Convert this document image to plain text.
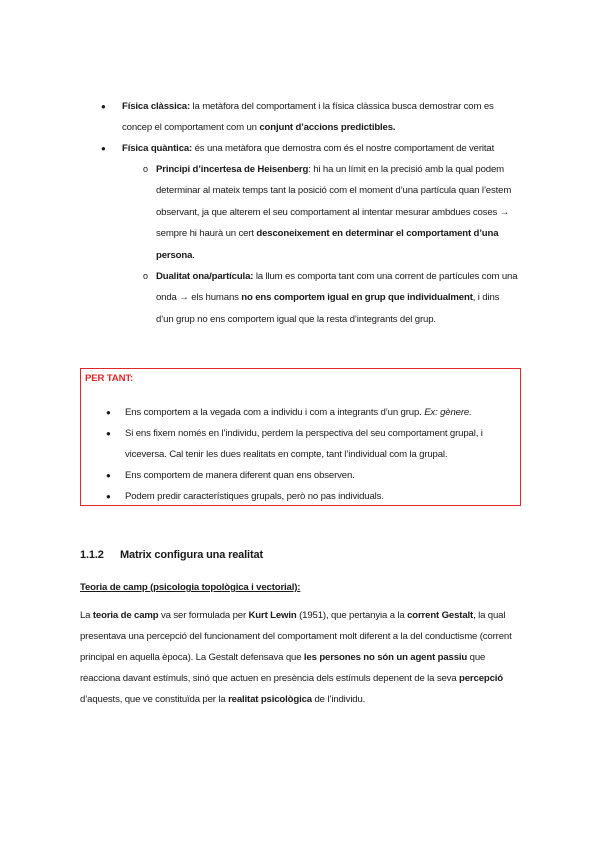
● Física clàssica: la metàfora del comportament i la física clàssica busca demostrar com es concep el comportament com un conjunt d’accions predictibles.
● Física quàntica: és una metàfora que demostra com és el nostre comportament de veritat
o Principi d’incertesa de Heisenberg: hi ha un límit en la precisió amb la qual podem determinar al mateix temps tant la posició com el moment d’una partícula quan l’estem observant, ja que alterem el seu comportament al intentar mesurar ambdues coses → sempre hi haurà un cert desconeixement en determinar el comportament d’una persona.
o Dualitat ona/partícula: la llum es comporta tant com una corrent de partícules com una onda → els humans no ens comportem igual en grup que individualment, i dins d’un grup no ens comportem igual que la resta d’integrants del grup.
PER TANT:
● Ens comportem a la vegada com a individu i com a integrants d’un grup. Ex: gènere.
● Si ens fixem només en l’individu, perdem la perspectiva del seu comportament grupal, i viceversa. Cal tenir les dues realitats en compte, tant l’individual com la grupal.
● Ens comportem de manera diferent quan ens observen.
● Podem predir característiques grupals, però no pas individuals.
1.1.2 Matrix configura una realitat
Teoria de camp (psicologia topològica i vectorial):
La teoria de camp va ser formulada per Kurt Lewin (1951), que pertanyia a la corrent Gestalt, la qual presentava una percepció del funcionament del comportament molt diferent a la del conductisme (corrent principal en aquella època). La Gestalt defensava que les persones no són un agent passiu que reacciona davant estímuls, sinó que actuen en presència dels estímuls depenent de la seva percepció d’aquests, que ve constituïda per la realitat psicològica de l’individu.
